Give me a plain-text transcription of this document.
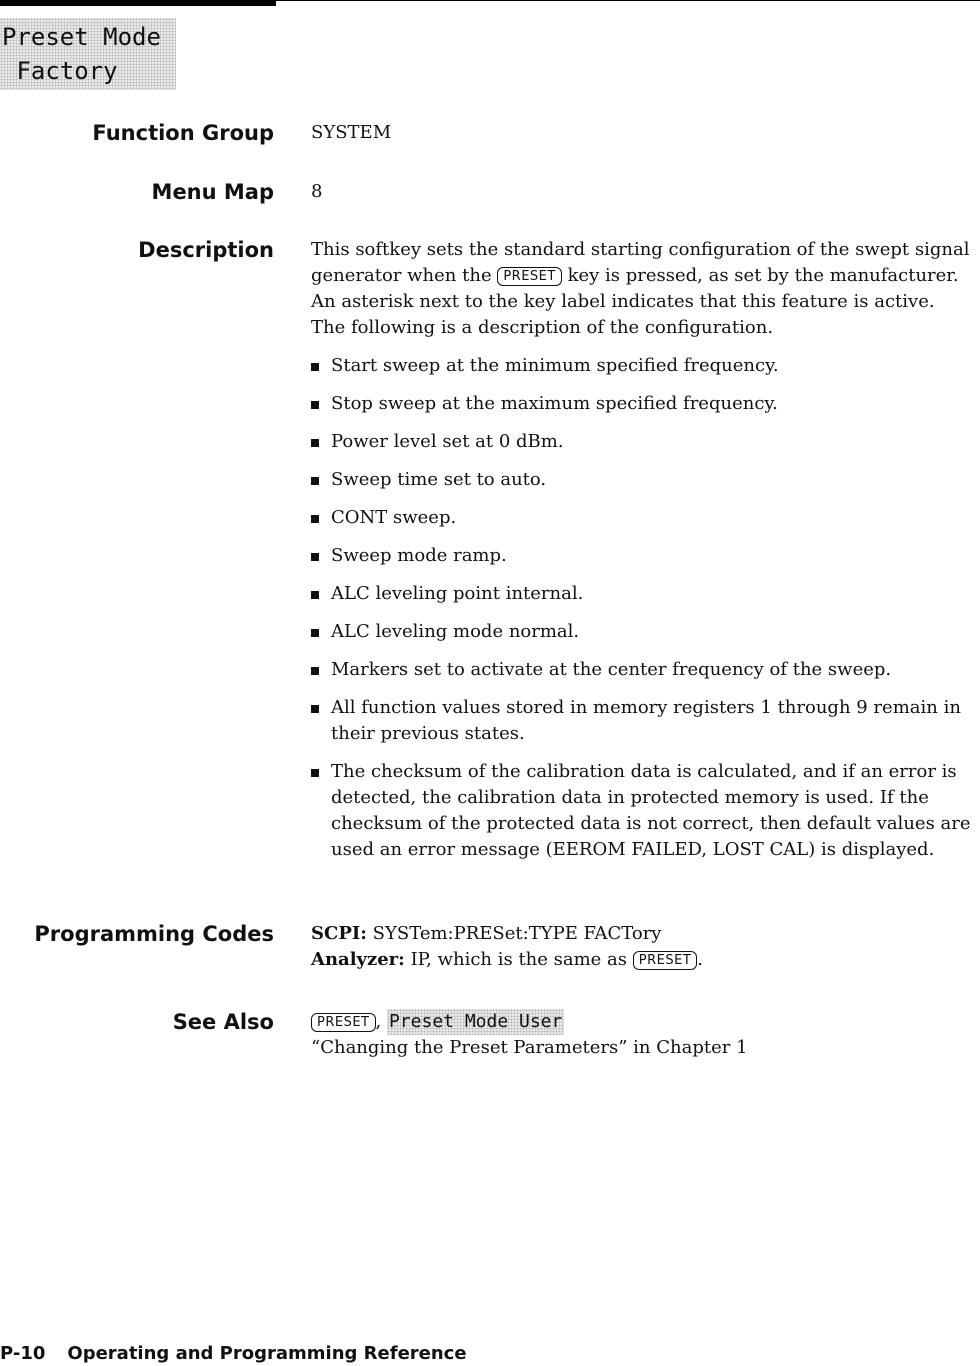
Preset Mode
Factory
Function Group SYSTEM
Menu Map 8
Description This softkey sets the standard starting configuration of the swept signal generator when the PRESET key is pressed, as set by the manufacturer. An asterisk next to the key label indicates that this feature is active. The following is a description of the configuration.

Start sweep at the minimum specified frequency.
Stop sweep at the maximum specified frequency.
Power level set at 0 dBm.
Sweep time set to auto.
CONT sweep.
Sweep mode ramp.
ALC leveling point internal.
ALC leveling mode normal.
Markers set to activate at the center frequency of the sweep.
All function values stored in memory registers 1 through 9 remain in their previous states.
The checksum of the calibration data is calculated, and if an error is detected, the calibration data in protected memory is used. If the checksum of the protected data is not correct, then default values are used an error message (EEROM FAILED, LOST CAL) is displayed.
Programming Codes SCPI: SYSTem:PRESet:TYPE FACTory
Analyzer: IP, which is the same as PRESET .
See Also	PRESET , Preset Mode User
“Changing the Preset Parameters” in Chapter 1
P-10 Operating and Programming Reference
